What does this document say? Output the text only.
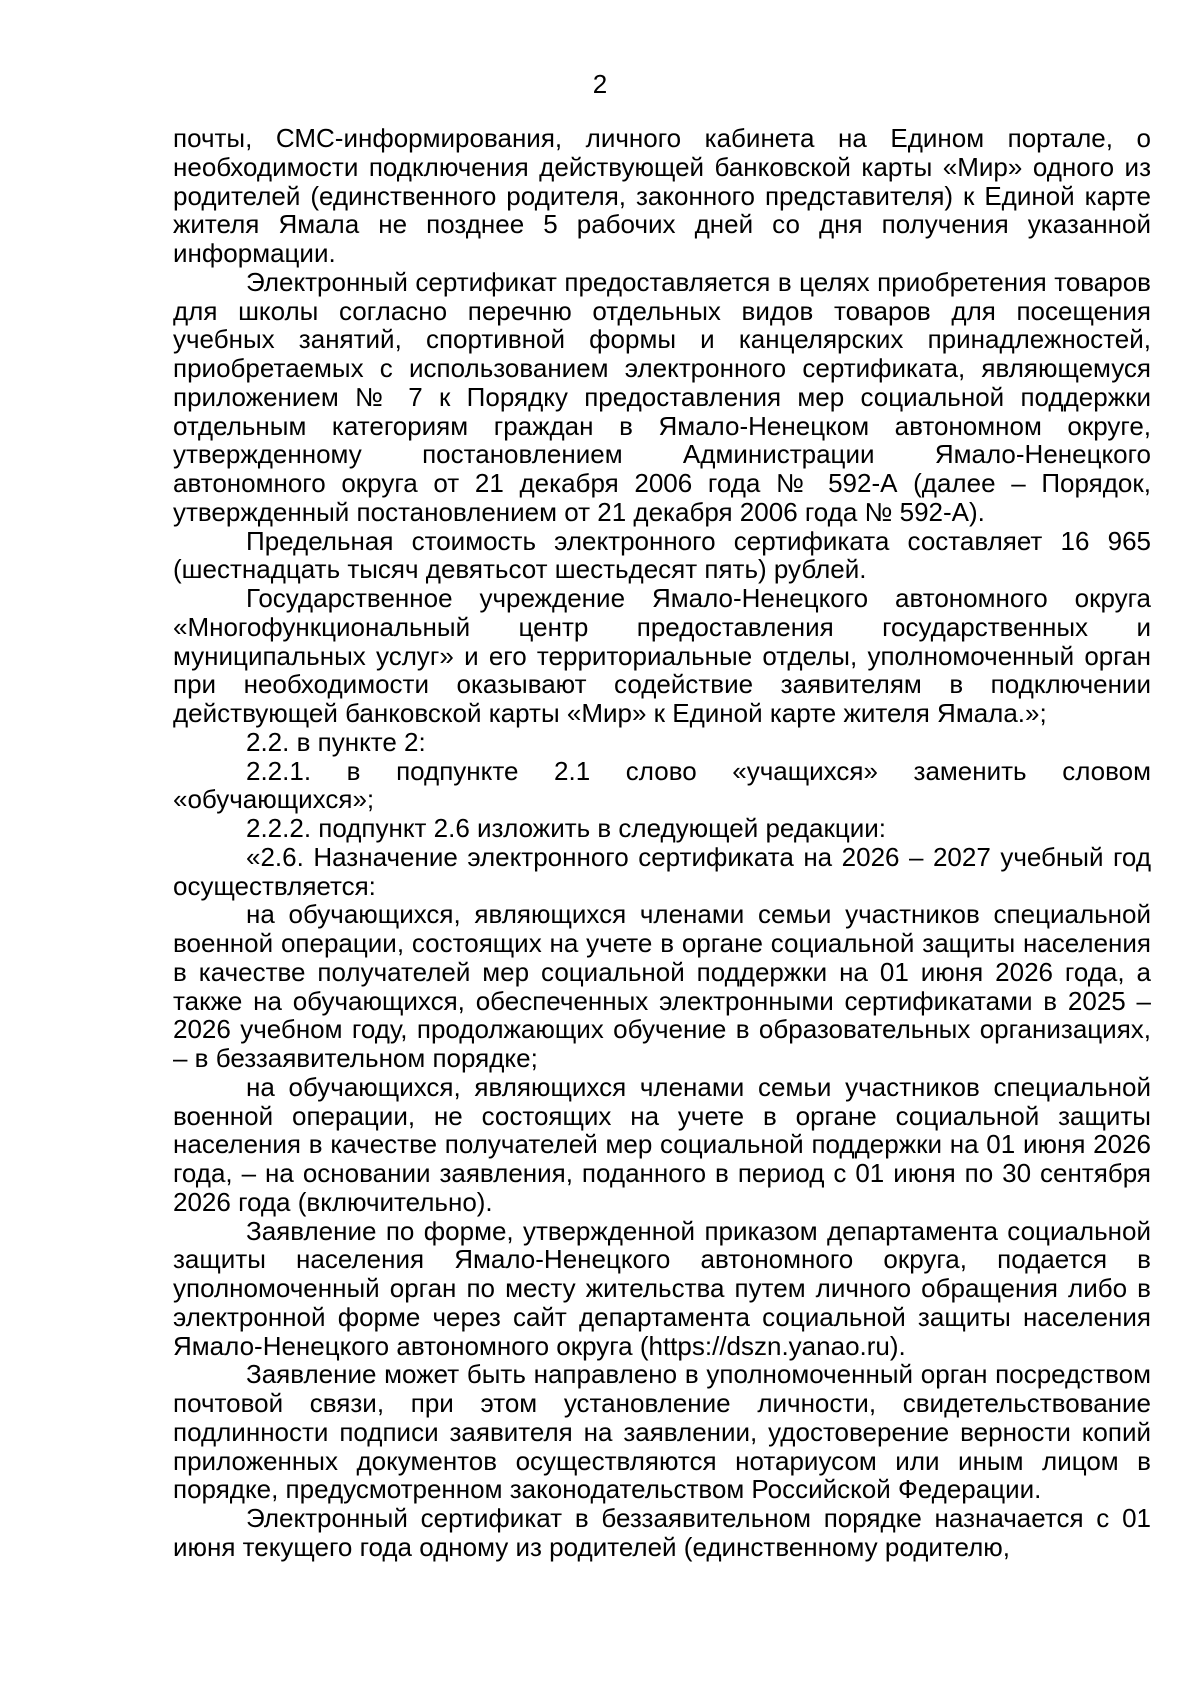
2

почты, СМС-информирования, личного кабинета на Едином портале, о необходимости подключения действующей банковской карты «Мир» одного из родителей (единственного родителя, законного представителя) к Единой карте жителя Ямала не позднее 5 рабочих дней со дня получения указанной информации.

Электронный сертификат предоставляется в целях приобретения товаров для школы согласно перечню отдельных видов товаров для посещения учебных занятий, спортивной формы и канцелярских принадлежностей, приобретаемых с использованием электронного сертификата, являющемуся приложением № 7 к Порядку предоставления мер социальной поддержки отдельным категориям граждан в Ямало-Ненецком автономном округе, утвержденному постановлением Администрации Ямало-Ненецкого автономного округа от 21 декабря 2006 года № 592-А (далее – Порядок, утвержденный постановлением от 21 декабря 2006 года № 592-А).

Предельная стоимость электронного сертификата составляет 16 965 (шестнадцать тысяч девятьсот шестьдесят пять) рублей.

Государственное учреждение Ямало-Ненецкого автономного округа «Многофункциональный центр предоставления государственных и муниципальных услуг» и его территориальные отделы, уполномоченный орган при необходимости оказывают содействие заявителям в подключении действующей банковской карты «Мир» к Единой карте жителя Ямала.»;

2.2. в пункте 2:

2.2.1. в подпункте 2.1 слово «учащихся» заменить словом «обучающихся»;

2.2.2. подпункт 2.6 изложить в следующей редакции:

«2.6. Назначение электронного сертификата на 2026 – 2027 учебный год осуществляется:

на обучающихся, являющихся членами семьи участников специальной военной операции, состоящих на учете в органе социальной защиты населения в качестве получателей мер социальной поддержки на 01 июня 2026 года, а также на обучающихся, обеспеченных электронными сертификатами в 2025 – 2026 учебном году, продолжающих обучение в образовательных организациях, – в беззаявительном порядке;

на обучающихся, являющихся членами семьи участников специальной военной операции, не состоящих на учете в органе социальной защиты населения в качестве получателей мер социальной поддержки на 01 июня 2026 года, – на основании заявления, поданного в период с 01 июня по 30 сентября 2026 года (включительно).

Заявление по форме, утвержденной приказом департамента социальной защиты населения Ямало-Ненецкого автономного округа, подается в уполномоченный орган по месту жительства путем личного обращения либо в электронной форме через сайт департамента социальной защиты населения Ямало-Ненецкого автономного округа (https://dszn.yanao.ru).

Заявление может быть направлено в уполномоченный орган посредством почтовой связи, при этом установление личности, свидетельствование подлинности подписи заявителя на заявлении, удостоверение верности копий приложенных документов осуществляются нотариусом или иным лицом в порядке, предусмотренном законодательством Российской Федерации.

Электронный сертификат в беззаявительном порядке назначается с 01 июня текущего года одному из родителей (единственному родителю,
